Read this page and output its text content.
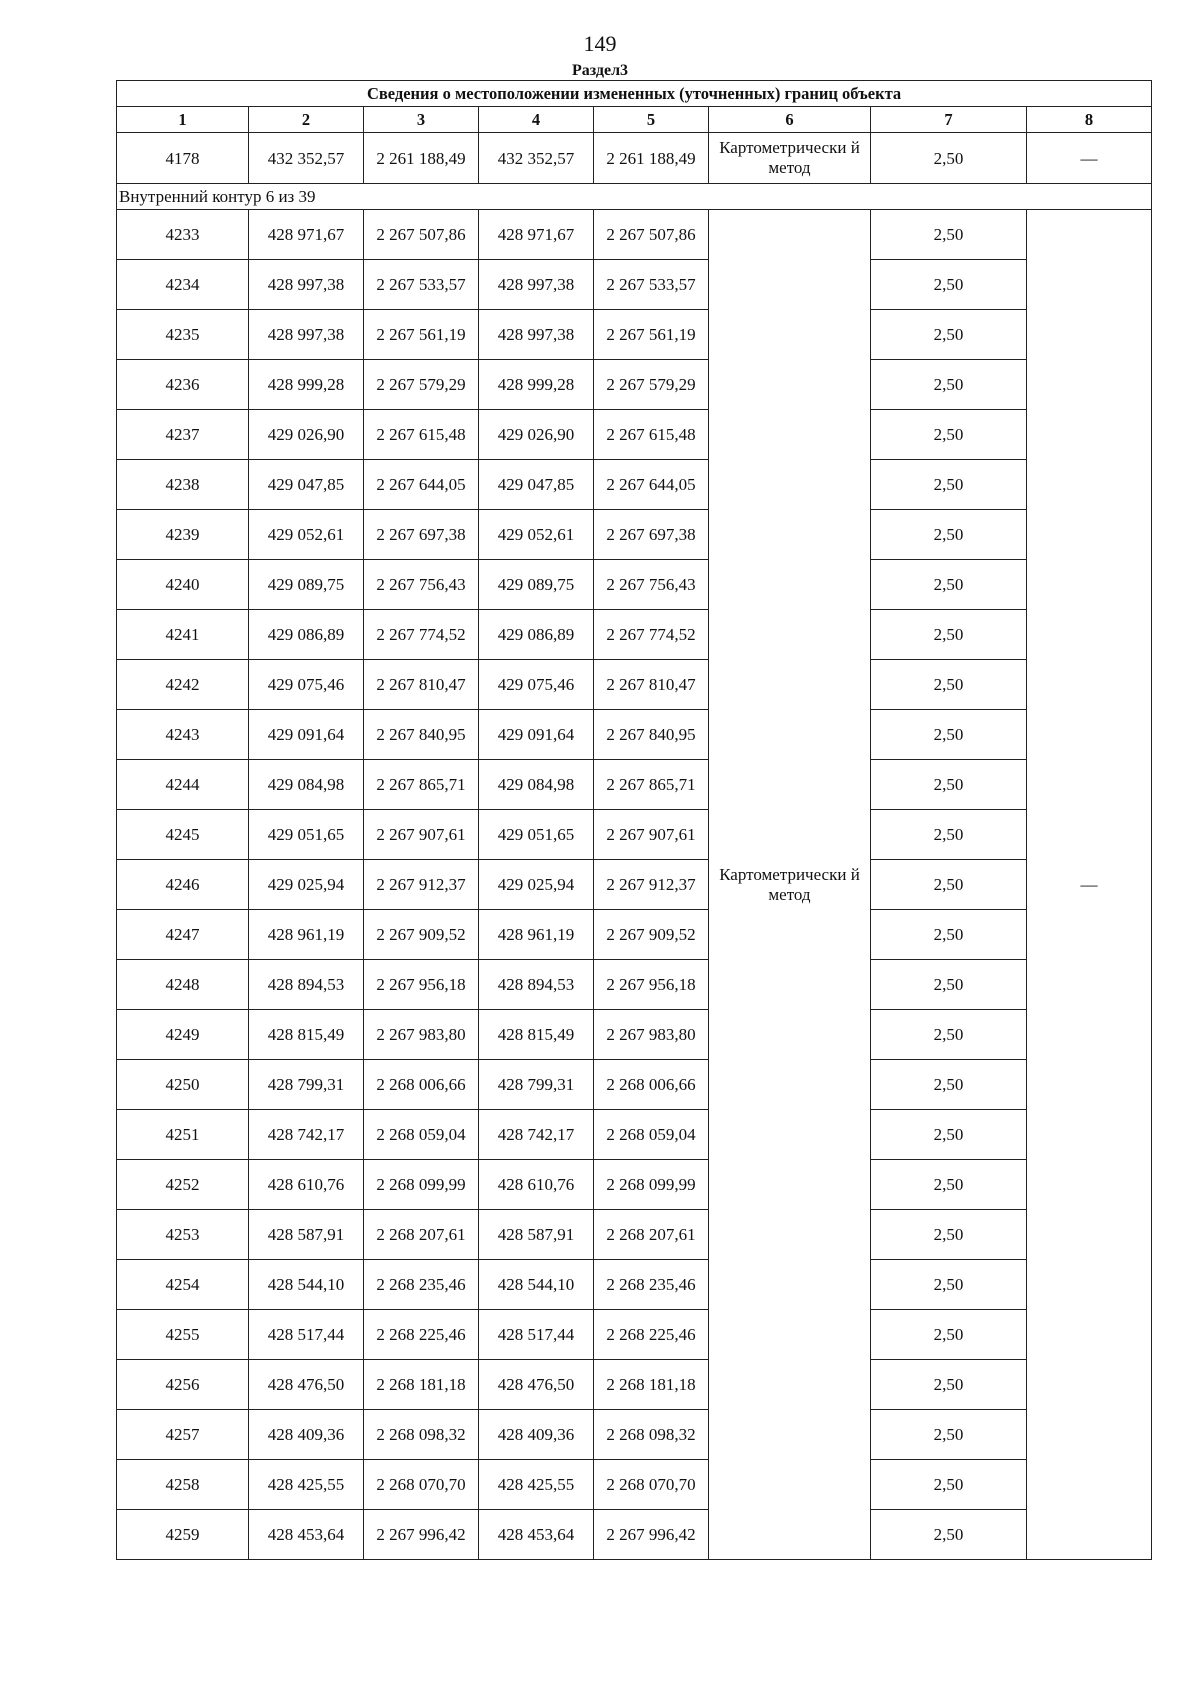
149
Раздел3
Сведения о местоположении измененных (уточненных) границ объекта							
1	2	3	4	5	6	7	8
4178	432 352,57	2 261 188,49	432 352,57	2 261 188,49	Картометрически й метод	2,50	—
Внутренний контур 6 из 39							
4233	428 971,67	2 267 507,86	428 971,67	2 267 507,86	Картометрически й метод	2,50	—
4234	428 997,38	2 267 533,57	428 997,38	2 267 533,57		2,50	
4235	428 997,38	2 267 561,19	428 997,38	2 267 561,19		2,50	
4236	428 999,28	2 267 579,29	428 999,28	2 267 579,29		2,50	
4237	429 026,90	2 267 615,48	429 026,90	2 267 615,48		2,50	
4238	429 047,85	2 267 644,05	429 047,85	2 267 644,05		2,50	
4239	429 052,61	2 267 697,38	429 052,61	2 267 697,38		2,50	
4240	429 089,75	2 267 756,43	429 089,75	2 267 756,43		2,50	
4241	429 086,89	2 267 774,52	429 086,89	2 267 774,52		2,50	
4242	429 075,46	2 267 810,47	429 075,46	2 267 810,47		2,50	
4243	429 091,64	2 267 840,95	429 091,64	2 267 840,95		2,50	
4244	429 084,98	2 267 865,71	429 084,98	2 267 865,71		2,50	
4245	429 051,65	2 267 907,61	429 051,65	2 267 907,61		2,50	
4246	429 025,94	2 267 912,37	429 025,94	2 267 912,37		2,50	
4247	428 961,19	2 267 909,52	428 961,19	2 267 909,52		2,50	
4248	428 894,53	2 267 956,18	428 894,53	2 267 956,18		2,50	
4249	428 815,49	2 267 983,80	428 815,49	2 267 983,80		2,50	
4250	428 799,31	2 268 006,66	428 799,31	2 268 006,66		2,50	
4251	428 742,17	2 268 059,04	428 742,17	2 268 059,04		2,50	
4252	428 610,76	2 268 099,99	428 610,76	2 268 099,99		2,50	
4253	428 587,91	2 268 207,61	428 587,91	2 268 207,61		2,50	
4254	428 544,10	2 268 235,46	428 544,10	2 268 235,46		2,50	
4255	428 517,44	2 268 225,46	428 517,44	2 268 225,46		2,50	
4256	428 476,50	2 268 181,18	428 476,50	2 268 181,18		2,50	
4257	428 409,36	2 268 098,32	428 409,36	2 268 098,32		2,50	
4258	428 425,55	2 268 070,70	428 425,55	2 268 070,70		2,50	
4259	428 453,64	2 267 996,42	428 453,64	2 267 996,42		2,50	
